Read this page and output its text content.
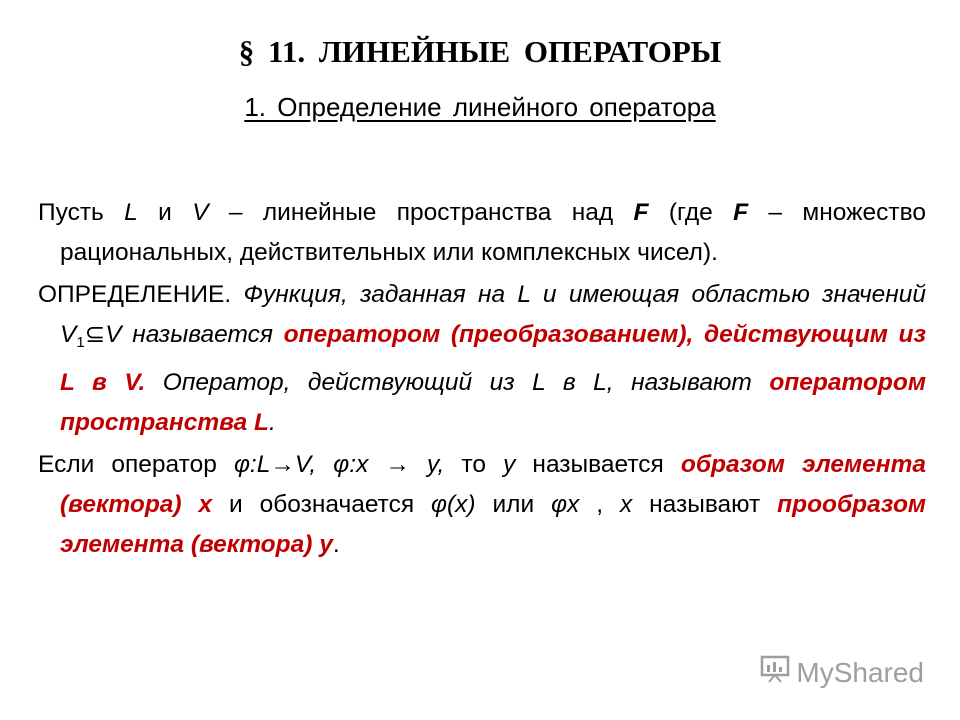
§ 11. ЛИНЕЙНЫЕ ОПЕРАТОРЫ
1. Определение линейного оператора

Пусть L и V – линейные пространства над F (где F – множество рациональных, действительных или комплексных чисел).

ОПРЕДЕЛЕНИЕ. Функция, заданная на L и имеющая областью значений $V_1⊆V$ называется оператором (преобразованием), действующим из L в V. Оператор, действующий из L в L, называют оператором пространства L.

Если оператор φ:L→V, φ:x → y, то y называется образом элемента (вектора) x и обозначается φ(x) или φx , x называют прообразом элемента (вектора) y.

MyShared
